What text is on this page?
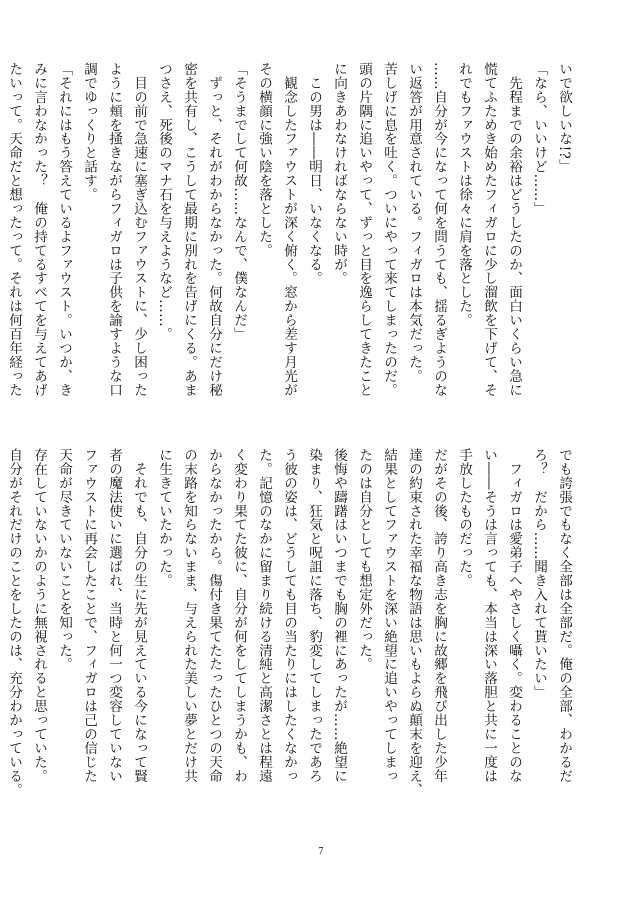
いで欲しいな!?」
「なら、いいけど……」
　先程までの余裕はどうしたのか、面白いくらい急に
慌てふためき始めたフィガロに少し溜飲を下げて、そ
れでもファウストは徐々に肩を落とした。
……自分が今になって何を問うても、揺るぎようのな
い返答が用意されている。フィガロは本気だった。
苦しげに息を吐く。ついにやって来てしまったのだ。
頭の片隅に追いやって、ずっと目を逸らしてきたこと
に向きあわなければならない時が。
　この男は――明日、いなくなる。
　観念したファウストが深く俯く。窓から差す月光が
その横顔に強い陰を落とした。
「そうまでして何故……なんで、僕なんだ」
　ずっと、それがわからなかった。何故自分にだけ秘
密を共有し、こうして最期に別れを告げにくる。あま
つさえ、死後のマナ石を与えようなど……。
　目の前で急速に塞ぎ込むファウストに、少し困った
ように頬を掻きながらフィガロは子供を諭すような口
調でゆっくりと話す。
「それにはもう答えているよファウスト。いつか、き
みに言わなかった？　俺の持てるすべてを与えてあげ
たいって。天命だと想ったって。それは何百年経った
でも誇張でもなく全部は全部だ。俺の全部、わかるだ
ろ？　だから……聞き入れて貰いたい」
　フィガロは愛弟子へやさしく囁く。変わることのな
い――そうは言っても、本当は深い落胆と共に一度は
手放したものだった。
だがその後、誇り高き志を胸に故郷を飛び出した少年
達の約束された幸福な物語は思いもよらぬ顛末を迎え、
結果としてファウストを深い絶望に追いやってしまっ
たのは自分としても想定外だった。
後悔や躊躇はいつまでも胸の裡にあったが……絶望に
染まり、狂気と呪詛に落ち、豹変してしまったであろ
う彼の姿は、どうしても目の当たりにはしたくなかっ
た。記憶のなかに留まり続ける清純と高潔さとは程遠
く変わり果てた彼に、自分が何をしてしまうかも、わ
からなかったから。傷付き果てたたったひとつの天命
の末路を知らないまま、与えられた美しい夢とだけ共
に生きていたかった。
　それでも、自分の生に先が見えている今になって賢
者の魔法使いに選ばれ、当時と何一つ変容していない
ファウストに再会したことで、フィガロは己の信じた
天命が尽きていないことを知った。
存在していないかのように無視されると思っていた。
自分がそれだけのことをしたのは、充分わかっている。
7
